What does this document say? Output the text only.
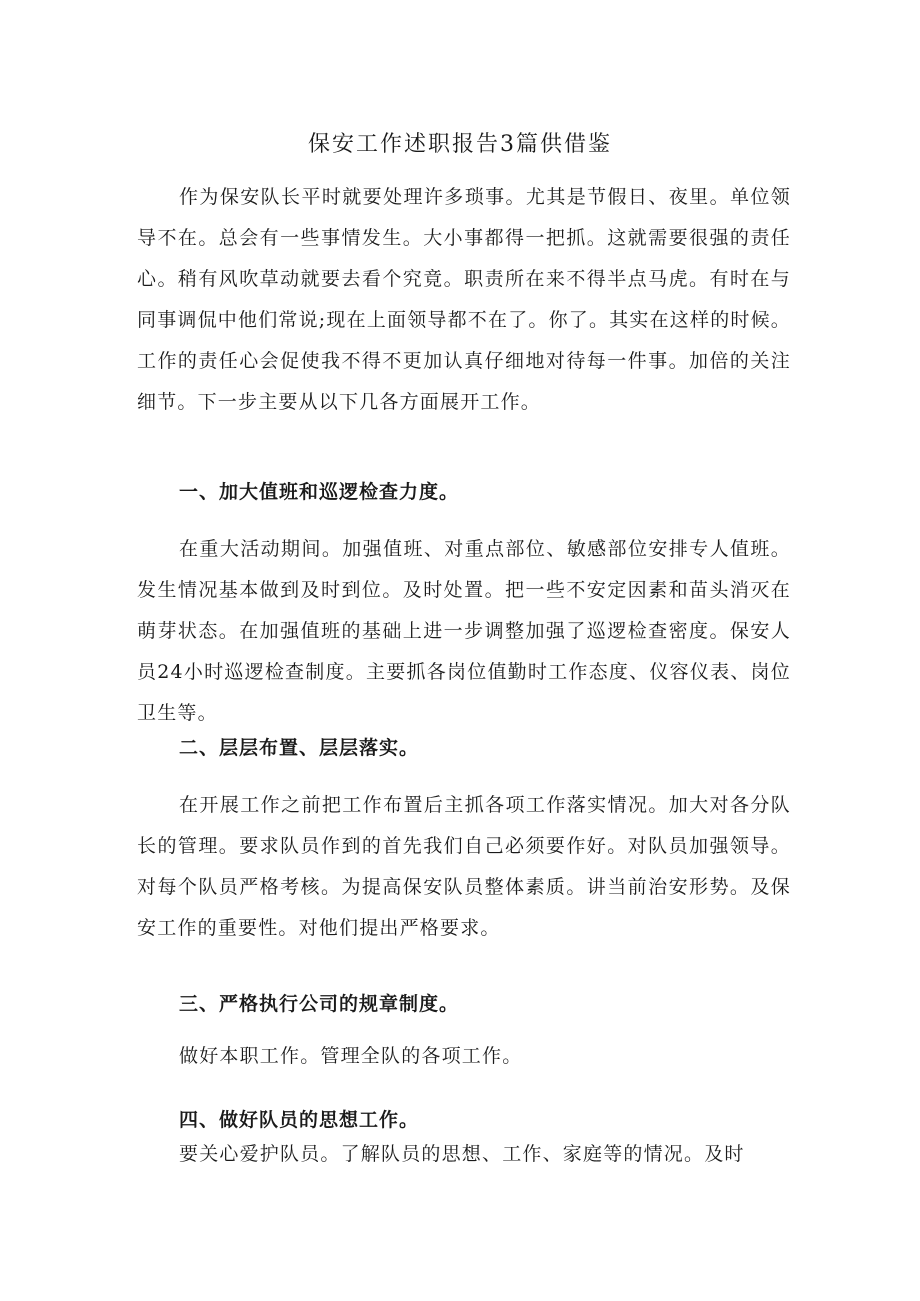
保安工作述职报告3篇供借鉴

作为保安队长平时就要处理许多琐事。尤其是节假日、夜里。单位领导不在。总会有一些事情发生。大小事都得一把抓。这就需要很强的责任心。稍有风吹草动就要去看个究竟。职责所在来不得半点马虎。有时在与同事调侃中他们常说;现在上面领导都不在了。你了。其实在这样的时候。工作的责任心会促使我不得不更加认真仔细地对待每一件事。加倍的关注细节。下一步主要从以下几各方面展开工作。

一、加大值班和巡逻检查力度。

在重大活动期间。加强值班、对重点部位、敏感部位安排专人值班。发生情况基本做到及时到位。及时处置。把一些不安定因素和苗头消灭在萌芽状态。在加强值班的基础上进一步调整加强了巡逻检查密度。保安人员24小时巡逻检查制度。主要抓各岗位值勤时工作态度、仪容仪表、岗位卫生等。

二、层层布置、层层落实。

在开展工作之前把工作布置后主抓各项工作落实情况。加大对各分队长的管理。要求队员作到的首先我们自己必须要作好。对队员加强领导。对每个队员严格考核。为提高保安队员整体素质。讲当前治安形势。及保安工作的重要性。对他们提出严格要求。

三、严格执行公司的规章制度。

做好本职工作。管理全队的各项工作。

四、做好队员的思想工作。

要关心爱护队员。了解队员的思想、工作、家庭等的情况。及时
